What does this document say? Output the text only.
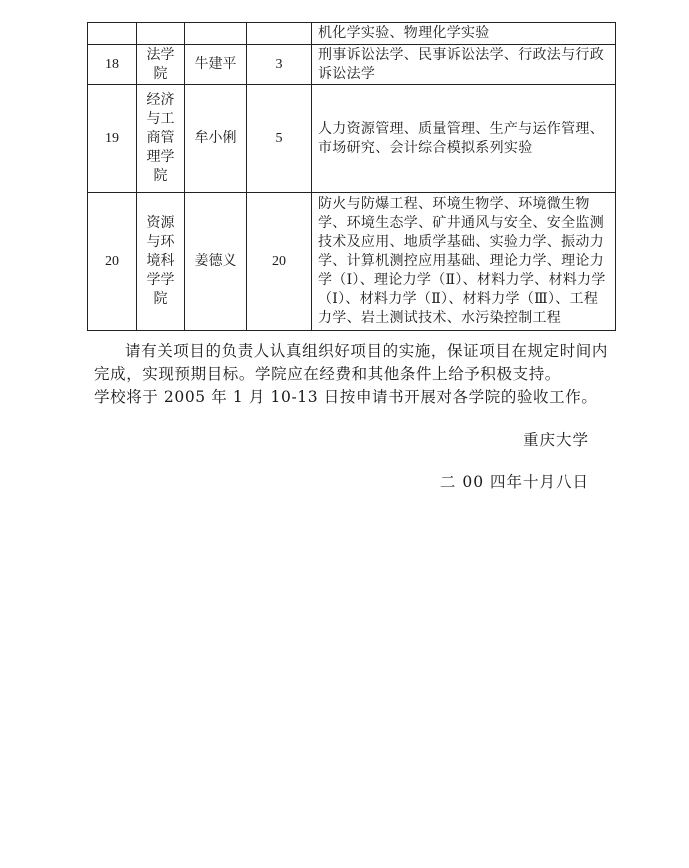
				机化学实验、物理化学实验
18	法学院	牛建平	3	刑事诉讼法学、民事诉讼法学、行政法与行政诉讼法学
19	经济与工商管理学院	牟小俐	5	人力资源管理、质量管理、生产与运作管理、市场研究、会计综合模拟系列实验
20	资源与环境科学学院	姜德义	20	防火与防爆工程、环境生物学、环境微生物学、环境生态学、矿井通风与安全、安全监测技术及应用、地质学基础、实验力学、振动力学、计算机测控应用基础、理论力学、理论力学（Ⅰ）、理论力学（Ⅱ）、材料力学、材料力学（Ⅰ）、材料力学（Ⅱ）、材料力学（Ⅲ）、工程力学、岩土测试技术、水污染控制工程

请有关项目的负责人认真组织好项目的实施，保证项目在规定时间内完成，实现预期目标。学院应在经费和其他条件上给予积极支持。

学校将于 2005 年 1 月 10-13 日按申请书开展对各学院的验收工作。

重庆大学
二 00 四年十月八日
